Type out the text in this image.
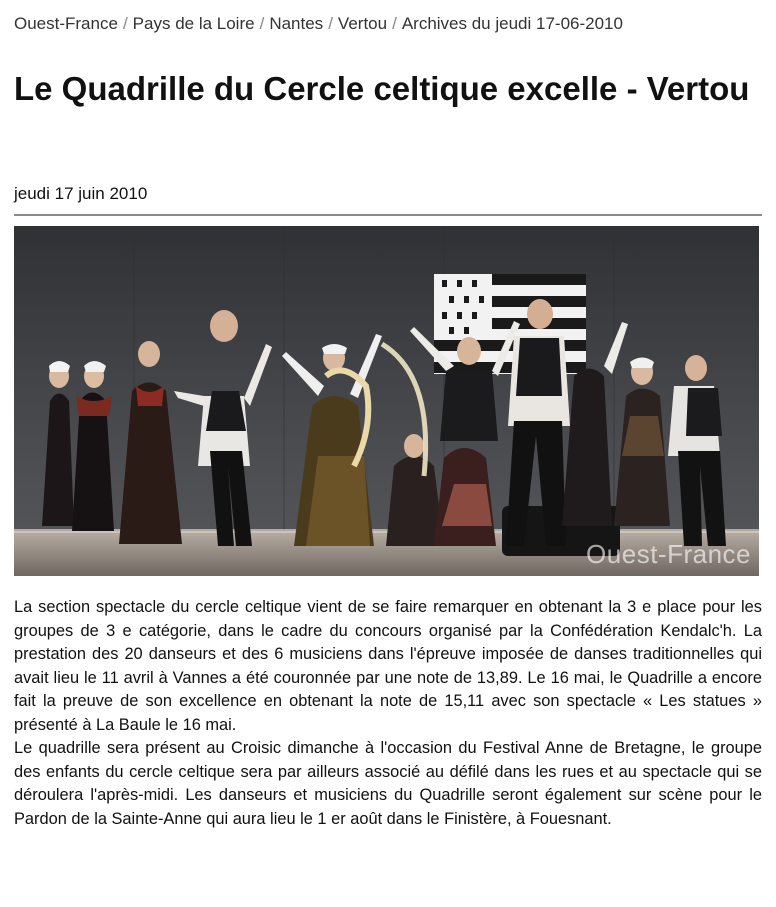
Ouest-France / Pays de la Loire / Nantes / Vertou / Archives du jeudi 17-06-2010
Le Quadrille du Cercle celtique excelle - Vertou
jeudi 17 juin 2010
Ouest-France

La section spectacle du cercle celtique vient de se faire remarquer en obtenant la 3 e place pour les groupes de 3 e catégorie, dans le cadre du concours organisé par la Confédération Kendalc'h. La prestation des 20 danseurs et des 6 musiciens dans l'épreuve imposée de danses traditionnelles qui avait lieu le 11 avril à Vannes a été couronnée par une note de 13,89. Le 16 mai, le Quadrille a encore fait la preuve de son excellence en obtenant la note de 15,11 avec son spectacle « Les statues » présenté à La Baule le 16 mai.

Le quadrille sera présent au Croisic dimanche à l'occasion du Festival Anne de Bretagne, le groupe des enfants du cercle celtique sera par ailleurs associé au défilé dans les rues et au spectacle qui se déroulera l'après-midi. Les danseurs et musiciens du Quadrille seront également sur scène pour le Pardon de la Sainte-Anne qui aura lieu le 1 er août dans le Finistère, à Fouesnant.
